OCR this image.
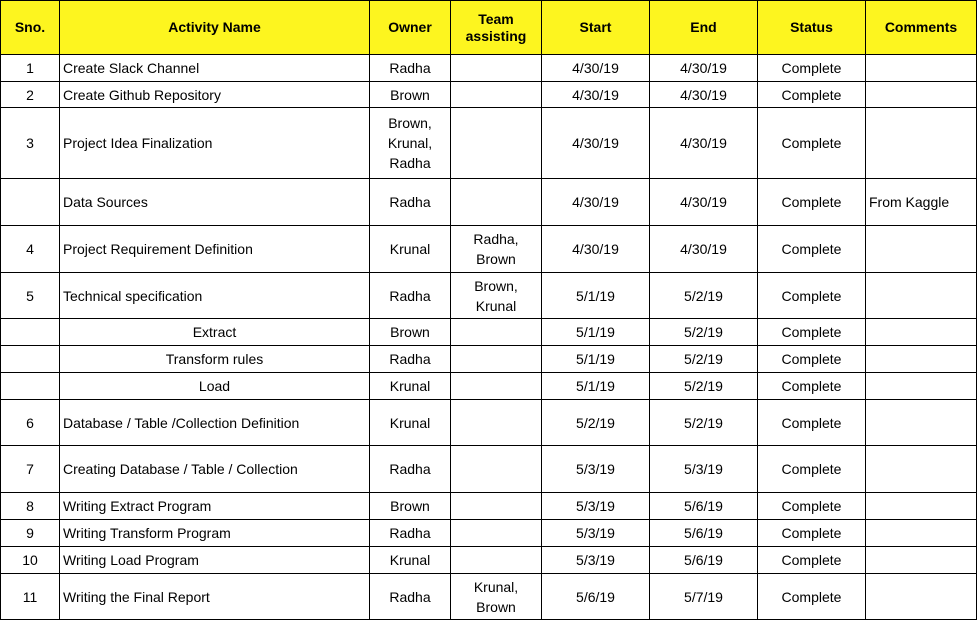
Sno.	Activity Name	Owner	Team assisting	Start	End	Status	Comments
1	Create Slack Channel	Radha		4/30/19	4/30/19	Complete	
2	Create Github Repository	Brown		4/30/19	4/30/19	Complete	
3	Project Idea Finalization	Brown, Krunal, Radha		4/30/19	4/30/19	Complete	
	Data Sources	Radha		4/30/19	4/30/19	Complete	From Kaggle
4	Project Requirement Definition	Krunal	Radha, Brown	4/30/19	4/30/19	Complete	
5	Technical specification	Radha	Brown, Krunal	5/1/19	5/2/19	Complete	
	Extract	Brown		5/1/19	5/2/19	Complete	
	Transform rules	Radha		5/1/19	5/2/19	Complete	
	Load	Krunal		5/1/19	5/2/19	Complete	
6	Database / Table /Collection Definition	Krunal		5/2/19	5/2/19	Complete	
7	Creating Database / Table / Collection	Radha		5/3/19	5/3/19	Complete	
8	Writing Extract Program	Brown		5/3/19	5/6/19	Complete	
9	Writing Transform Program	Radha		5/3/19	5/6/19	Complete	
10	Writing Load Program	Krunal		5/3/19	5/6/19	Complete	
11	Writing the Final Report	Radha	Krunal, Brown	5/6/19	5/7/19	Complete	
